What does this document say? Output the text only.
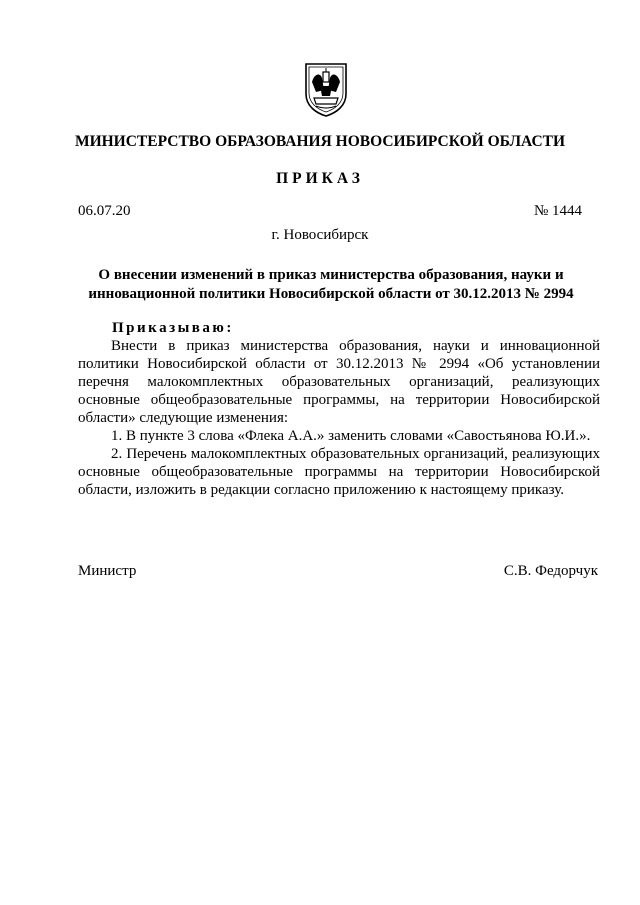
МИНИСТЕРСТВО ОБРАЗОВАНИЯ НОВОСИБИРСКОЙ ОБЛАСТИ
ПРИКАЗ
06.07.20	№ 1444
г. Новосибирск
О внесении изменений в приказ министерства образования, науки и
инновационной политики Новосибирской области от 30.12.2013 № 2994
Приказываю:

Внести в приказ министерства образования, науки и инновационной политики Новосибирской области от 30.12.2013 № 2994 «Об установлении перечня малокомплектных образовательных организаций, реализующих основные общеобразовательные программы, на территории Новосибирской области» следующие изменения:

1. В пункте 3 слова «Флека А.А.» заменить словами «Савостьянова Ю.И.».

2. Перечень малокомплектных образовательных организаций, реализующих основные общеобразовательные программы на территории Новосибирской области, изложить в редакции согласно приложению к настоящему приказу.

Министр	С.В. Федорчук
